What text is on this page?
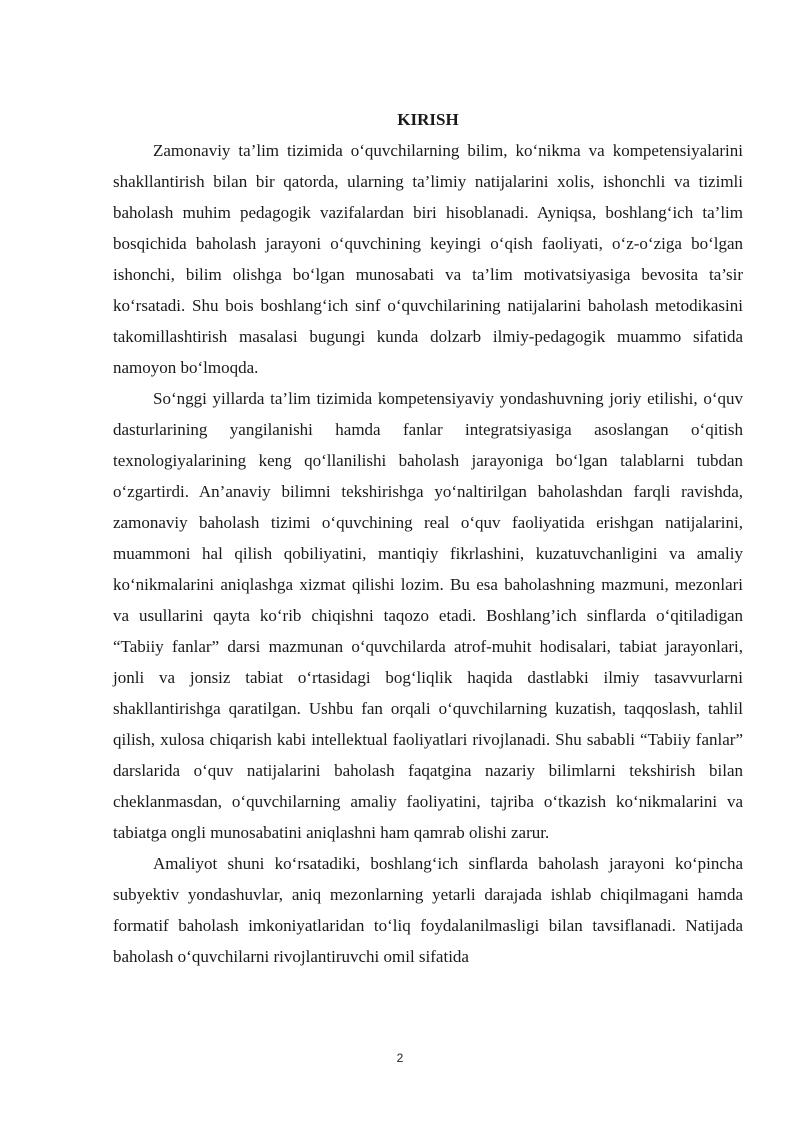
KIRISH

Zamonaviy ta’lim tizimida o‘quvchilarning bilim, ko‘nikma va kompetensiyalarini shakllantirish bilan bir qatorda, ularning ta’limiy natijalarini xolis, ishonchli va tizimli baholash muhim pedagogik vazifalardan biri hisoblanadi. Ayniqsa, boshlang‘ich ta’lim bosqichida baholash jarayoni o‘quvchining keyingi o‘qish faoliyati, o‘z-o‘ziga bo‘lgan ishonchi, bilim olishga bo‘lgan munosabati va ta’lim motivatsiyasiga bevosita ta’sir ko‘rsatadi. Shu bois boshlang‘ich sinf o‘quvchilarining natijalarini baholash metodikasini takomillashtirish masalasi bugungi kunda dolzarb ilmiy-pedagogik muammo sifatida namoyon bo‘lmoqda.

So‘nggi yillarda ta’lim tizimida kompetensiyaviy yondashuvning joriy etilishi, o‘quv dasturlarining yangilanishi hamda fanlar integratsiyasiga asoslangan o‘qitish texnologiyalarining keng qo‘llanilishi baholash jarayoniga bo‘lgan talablarni tubdan o‘zgartirdi. An’anaviy bilimni tekshirishga yo‘naltirilgan baholashdan farqli ravishda, zamonaviy baholash tizimi o‘quvchining real o‘quv faoliyatida erishgan natijalarini, muammoni hal qilish qobiliyatini, mantiqiy fikrlashini, kuzatuvchanligini va amaliy ko‘nikmalarini aniqlashga xizmat qilishi lozim. Bu esa baholashning mazmuni, mezonlari va usullarini qayta ko‘rib chiqishni taqozo etadi. Boshlang’ich sinflarda o‘qitiladigan “Tabiiy fanlar” darsi mazmunan o‘quvchilarda atrof-muhit hodisalari, tabiat jarayonlari, jonli va jonsiz tabiat o‘rtasidagi bog‘liqlik haqida dastlabki ilmiy tasavvurlarni shakllantirishga qaratilgan. Ushbu fan orqali o‘quvchilarning kuzatish, taqqoslash, tahlil qilish, xulosa chiqarish kabi intellektual faoliyatlari rivojlanadi. Shu sababli “Tabiiy fanlar” darslarida o‘quv natijalarini baholash faqatgina nazariy bilimlarni tekshirish bilan cheklanmasdan, o‘quvchilarning amaliy faoliyatini, tajriba o‘tkazish ko‘nikmalarini va tabiatga ongli munosabatini aniqlashni ham qamrab olishi zarur.

Amaliyot shuni ko‘rsatadiki, boshlang‘ich sinflarda baholash jarayoni ko‘pincha subyektiv yondashuvlar, aniq mezonlarning yetarli darajada ishlab chiqilmagani hamda formatif baholash imkoniyatlaridan to‘liq foydalanilmasligi bilan tavsiflanadi. Natijada baholash o‘quvchilarni rivojlantiruvchi omil sifatida

2
